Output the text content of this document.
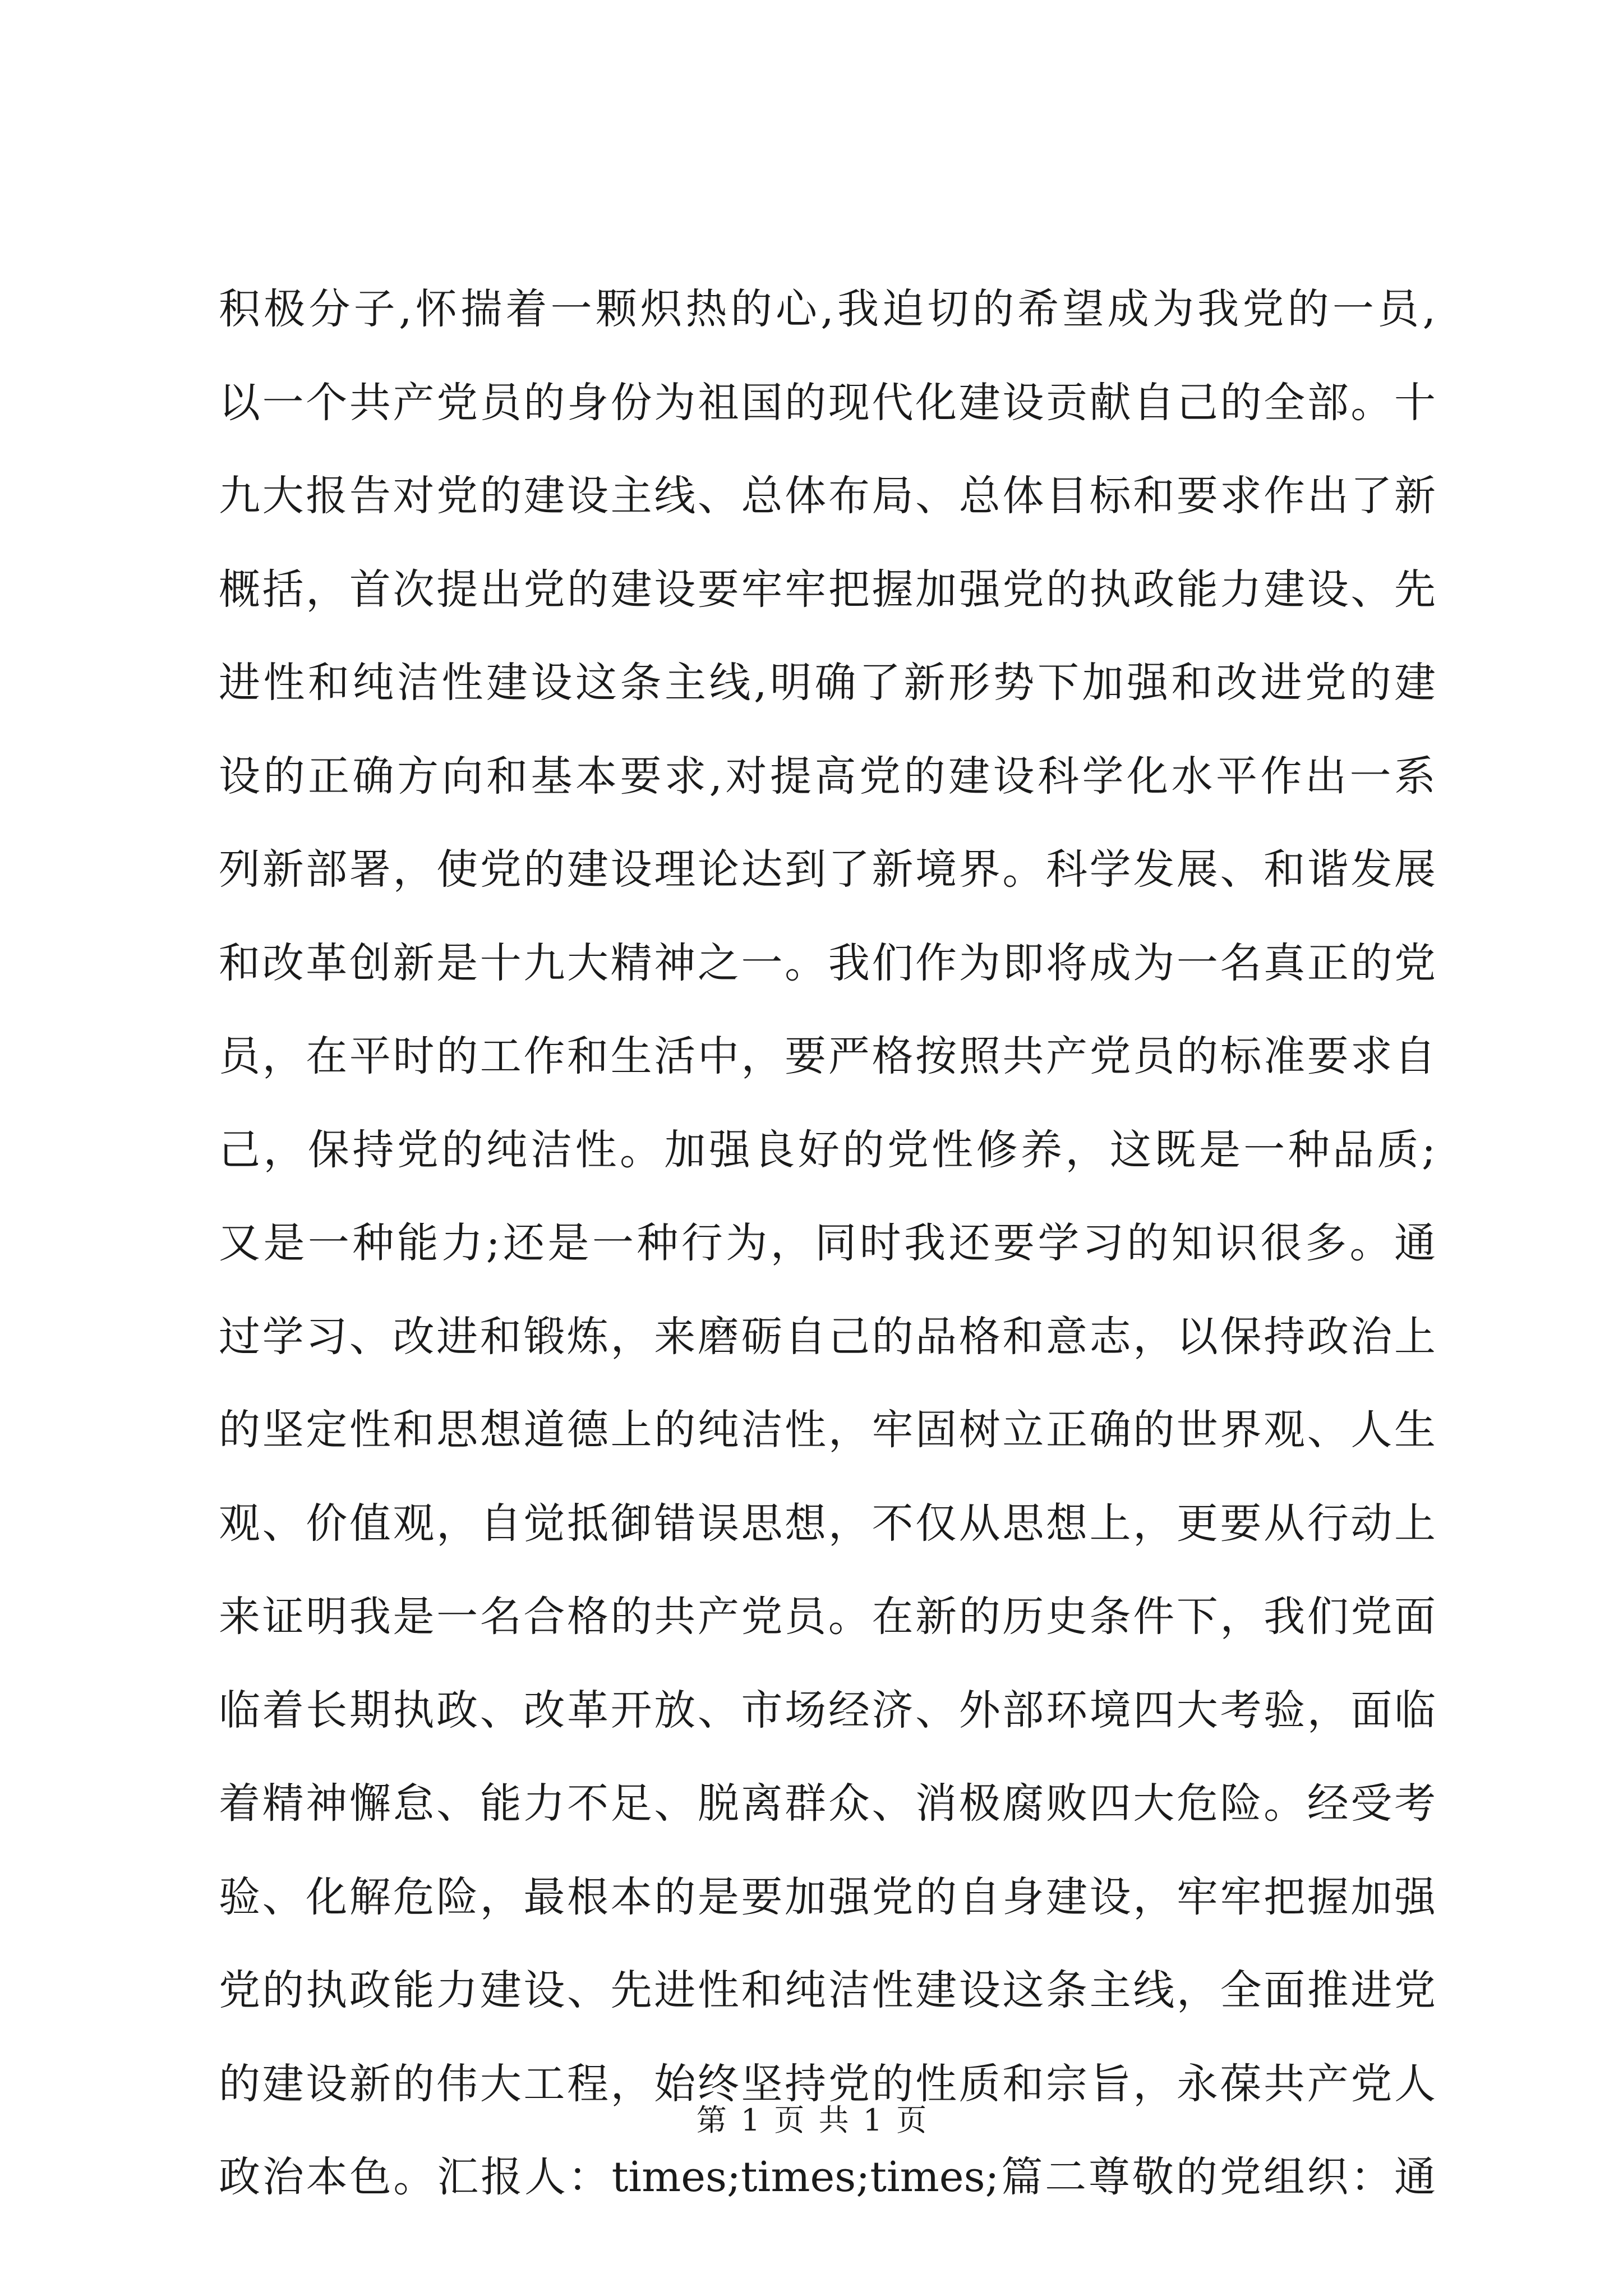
积极分子,怀揣着一颗炽热的心,我迫切的希望成为我党的一员,
以一个共产党员的身份为祖国的现代化建设贡献自己的全部。十
九大报告对党的建设主线、总体布局、总体目标和要求作出了新
概括，首次提出党的建设要牢牢把握加强党的执政能力建设、先
进性和纯洁性建设这条主线,明确了新形势下加强和改进党的建
设的正确方向和基本要求,对提高党的建设科学化水平作出一系
列新部署，使党的建设理论达到了新境界。科学发展、和谐发展
和改革创新是十九大精神之一。我们作为即将成为一名真正的党
员，在平时的工作和生活中，要严格按照共产党员的标准要求自
己，保持党的纯洁性。加强良好的党性修养，这既是一种品质;
又是一种能力;还是一种行为，同时我还要学习的知识很多。通
过学习、改进和锻炼，来磨砺自己的品格和意志，以保持政治上
的坚定性和思想道德上的纯洁性，牢固树立正确的世界观、人生
观、价值观，自觉抵御错误思想，不仅从思想上，更要从行动上
来证明我是一名合格的共产党员。在新的历史条件下，我们党面
临着长期执政、改革开放、市场经济、外部环境四大考验，面临
着精神懈怠、能力不足、脱离群众、消极腐败四大危险。经受考
验、化解危险，最根本的是要加强党的自身建设，牢牢把握加强
党的执政能力建设、先进性和纯洁性建设这条主线，全面推进党
的建设新的伟大工程，始终坚持党的性质和宗旨，永葆共产党人
政治本色。汇报人：times;times;times;篇二尊敬的党组织：通
第 1 页 共 1 页
